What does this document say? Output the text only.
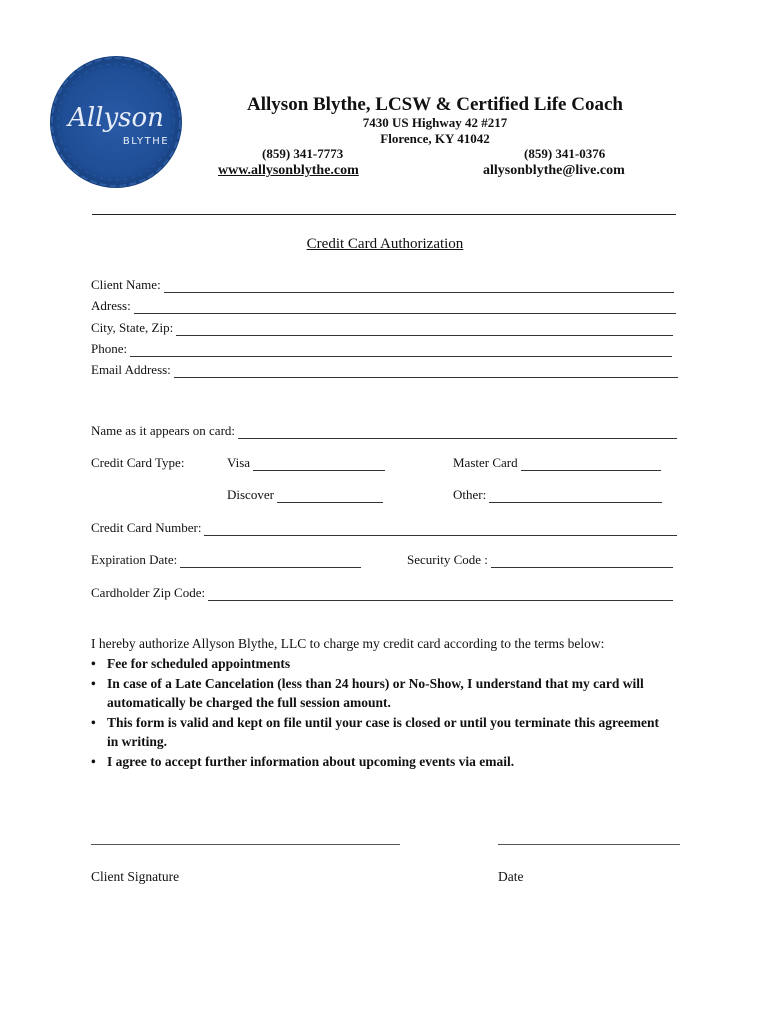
Allyson
BLYTHE
Allyson Blythe, LCSW & Certified Life Coach
7430 US Highway 42 #217
Florence, KY 41042
(859) 341-7773	(859) 341-0376
www.allysonblythe.com	allysonblythe@live.com
Credit Card Authorization
Client Name:
Adress:
City, State, Zip:
Phone:
Email Address:
Name as it appears on card:
Credit Card Type:	Visa	Master Card
Discover	Other:
Credit Card Number:
Expiration Date:	Security Code :
Cardholder Zip Code:
I hereby authorize Allyson Blythe, LLC to charge my credit card according to the terms below:
• Fee for scheduled appointments
• In case of a Late Cancelation (less than 24 hours) or No-Show, I understand that my card will automatically be charged the full session amount.
• This form is valid and kept on file until your case is closed or until you terminate this agreement in writing.
• I agree to accept further information about upcoming events via email.
Client Signature	Date
